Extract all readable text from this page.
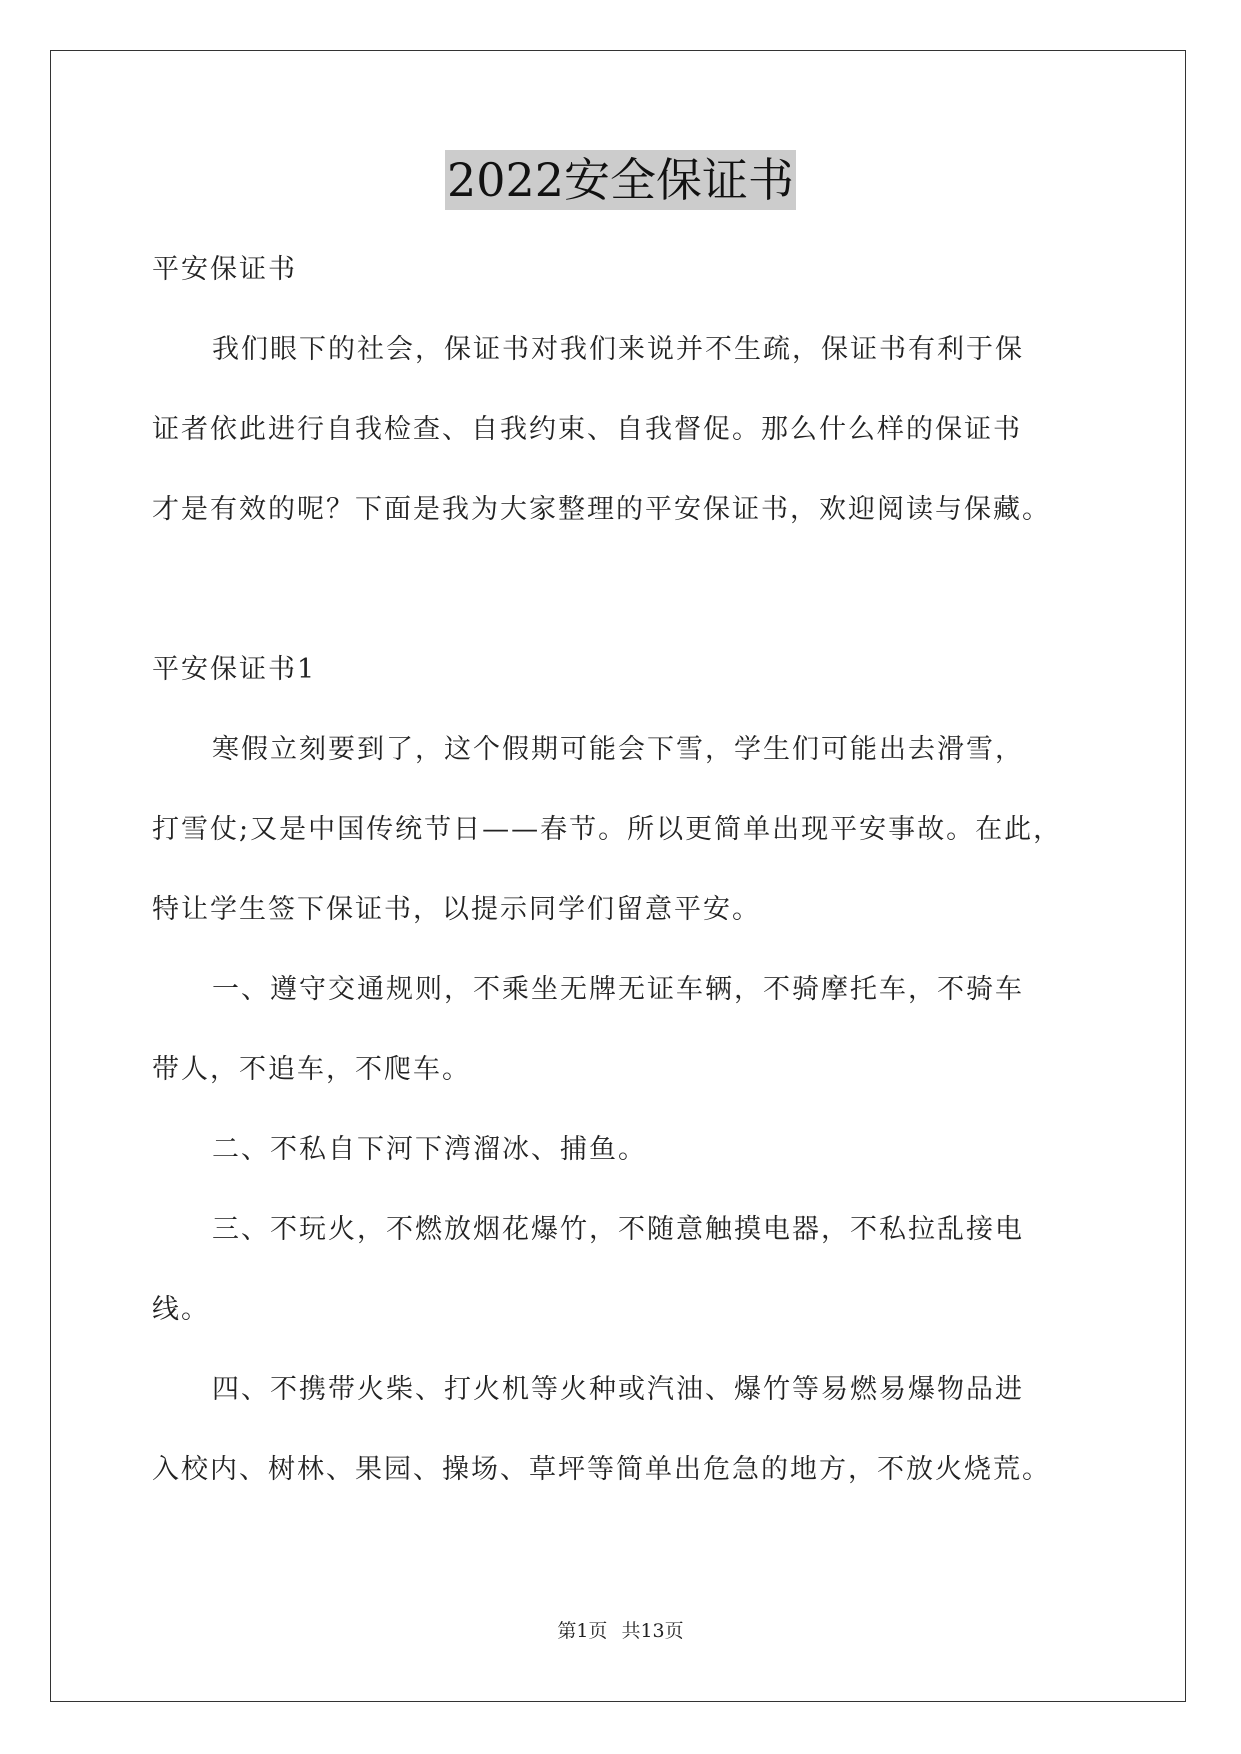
2022安全保证书
平安保证书
我们眼下的社会，保证书对我们来说并不生疏，保证书有利于保
证者依此进行自我检查、自我约束、自我督促。那么什么样的保证书
才是有效的呢？下面是我为大家整理的平安保证书，欢迎阅读与保藏。
平安保证书1
寒假立刻要到了，这个假期可能会下雪，学生们可能出去滑雪，
打雪仗;又是中国传统节日——春节。所以更简单出现平安事故。在此，
特让学生签下保证书，以提示同学们留意平安。
一、遵守交通规则，不乘坐无牌无证车辆，不骑摩托车，不骑车
带人，不追车，不爬车。
二、不私自下河下湾溜冰、捕鱼。
三、不玩火，不燃放烟花爆竹，不随意触摸电器，不私拉乱接电
线。
四、不携带火柴、打火机等火种或汽油、爆竹等易燃易爆物品进
入校内、树林、果园、操场、草坪等简单出危急的地方，不放火烧荒。
第1页 共13页
